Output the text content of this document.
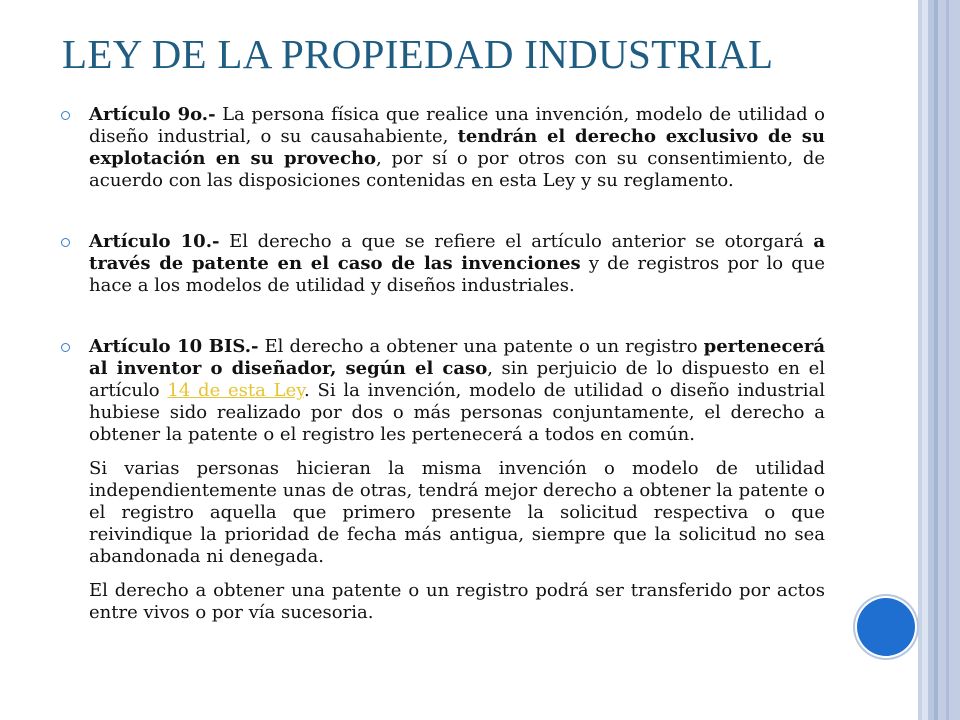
LEY DE LA PROPIEDAD INDUSTRIAL

Artículo 9o.- La persona física que realice una invención, modelo de utilidad o diseño industrial, o su causahabiente, tendrán el derecho exclusivo de su explotación en su provecho, por sí o por otros con su consentimiento, de acuerdo con las disposiciones contenidas en esta Ley y su reglamento.

Artículo 10.- El derecho a que se refiere el artículo anterior se otorgará a través de patente en el caso de las invenciones y de registros por lo que hace a los modelos de utilidad y diseños industriales.

Artículo 10 BIS.- El derecho a obtener una patente o un registro pertenecerá al inventor o diseñador, según el caso, sin perjuicio de lo dispuesto en el artículo 14 de esta Ley. Si la invención, modelo de utilidad o diseño industrial hubiese sido realizado por dos o más personas conjuntamente, el derecho a obtener la patente o el registro les pertenecerá a todos en común.

Si varias personas hicieran la misma invención o modelo de utilidad independientemente unas de otras, tendrá mejor derecho a obtener la patente o el registro aquella que primero presente la solicitud respectiva o que reivindique la prioridad de fecha más antigua, siempre que la solicitud no sea abandonada ni denegada.

El derecho a obtener una patente o un registro podrá ser transferido por actos entre vivos o por vía sucesoria.
